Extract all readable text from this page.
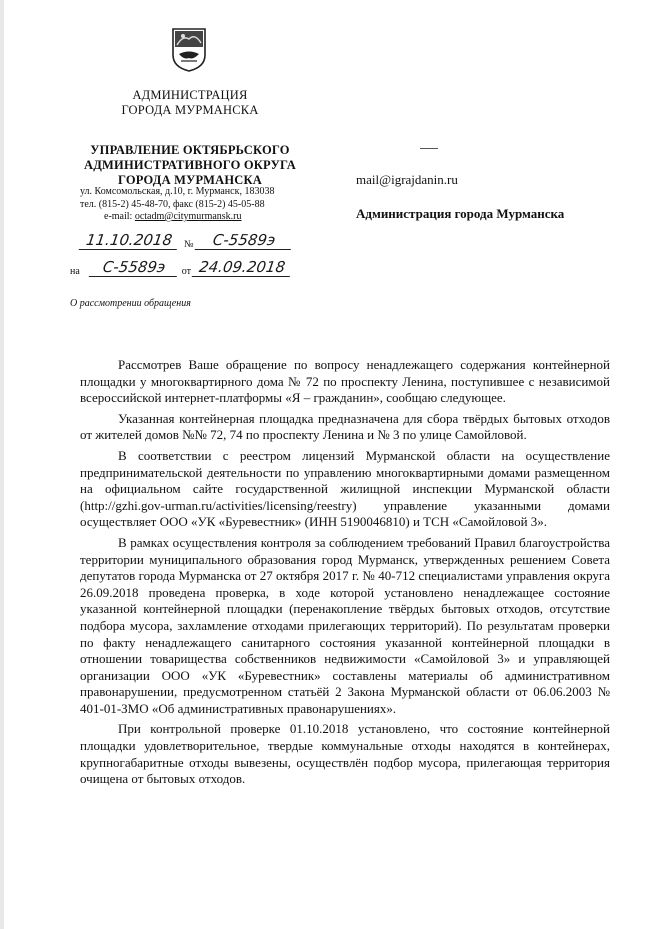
АДМИНИСТРАЦИЯ
ГОРОДА МУРМАНСКА
УПРАВЛЕНИЕ ОКТЯБРЬСКОГО
АДМИНИСТРАТИВНОГО ОКРУГА
ГОРОДА МУРМАНСКА
ул. Комсомольская, д.10, г. Мурманск, 183038
тел. (815-2) 45-48-70, факс (815-2) 45-05-88
e-mail: octadm@citymurmansk.ru
11.10.2018	№	С-5589э
на	С-5589э	от 24.09.2018
О рассмотрении обращения
mail@igrajdanin.ru
Администрация города Мурманска

Рассмотрев Ваше обращение по вопросу ненадлежащего содержания контейнерной площадки у многоквартирного дома № 72 по проспекту Ленина, поступившее с независимой всероссийской интернет-платформы «Я – гражданин», сообщаю следующее.

Указанная контейнерная площадка предназначена для сбора твёрдых бытовых отходов от жителей домов №№ 72, 74 по проспекту Ленина и № 3 по улице Самойловой.

В соответствии с реестром лицензий Мурманской области на осуществление предпринимательской деятельности по управлению многоквартирными домами размещенном на официальном сайте государственной жилищной инспекции Мурманской области (http://gzhi.gov-urman.ru/activities/licensing/reestry) управление указанными домами осуществляет ООО «УК «Буревестник» (ИНН 5190046810) и ТСН «Самойловой 3».

В рамках осуществления контроля за соблюдением требований Правил благоустройства территории муниципального образования город Мурманск, утвержденных решением Совета депутатов города Мурманска от 27 октября 2017 г. № 40-712 специалистами управления округа 26.09.2018 проведена проверка, в ходе которой установлено ненадлежащее состояние указанной контейнерной площадки (перенакопление твёрдых бытовых отходов, отсутствие подбора мусора, захламление отходами прилегающих территорий). По результатам проверки по факту ненадлежащего санитарного состояния указанной контейнерной площадки в отношении товарищества собственников недвижимости «Самойловой 3» и управляющей организации ООО «УК «Буревестник» составлены материалы об административном правонарушении, предусмотренном статьёй 2 Закона Мурманской области от 06.06.2003 № 401-01-ЗМО «Об административных правонарушениях».

При контрольной проверке 01.10.2018 установлено, что состояние контейнерной площадки удовлетворительное, твердые коммунальные отходы находятся в контейнерах, крупногабаритные отходы вывезены, осуществлён подбор мусора, прилегающая территория очищена от бытовых отходов.
